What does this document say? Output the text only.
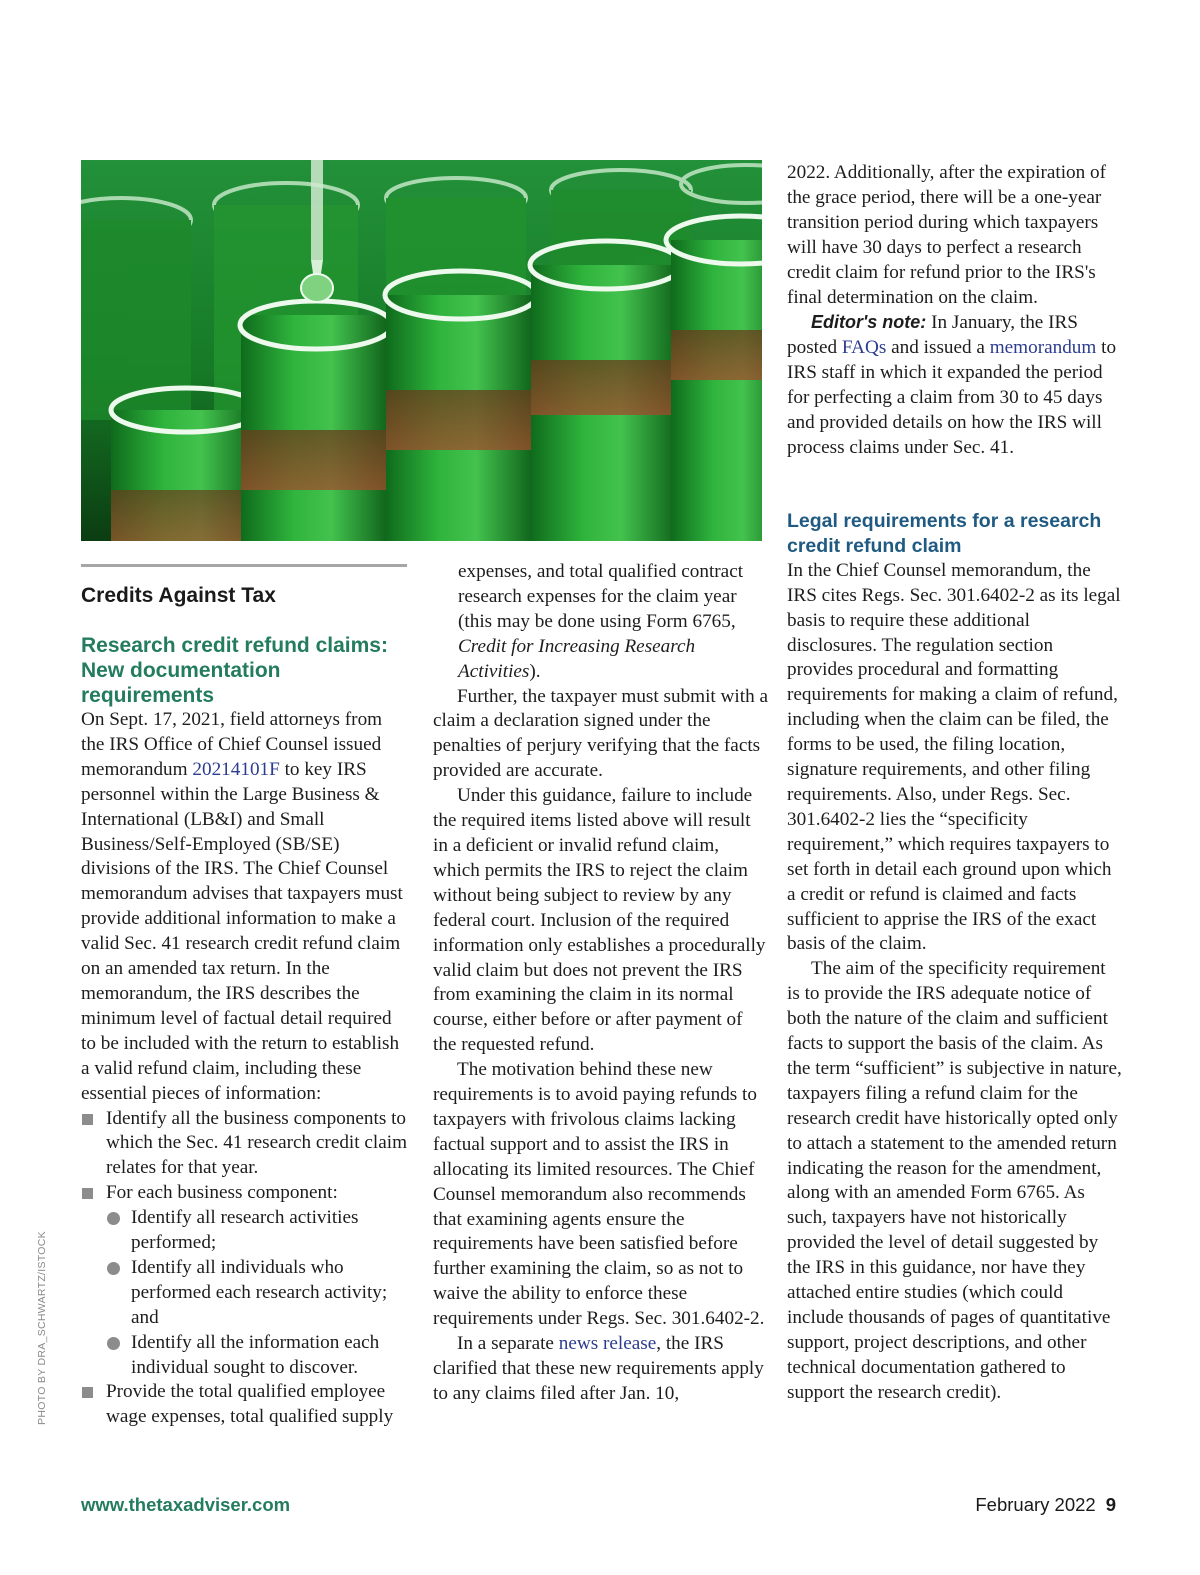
PHOTO BY DRA_SCHWARTZ/ISTOCK
Credits Against Tax
Research credit refund claims: New documentation requirements

On Sept. 17, 2021, field attorneys from the IRS Office of Chief Counsel issued memorandum 20214101F to key IRS personnel within the Large Business & International (LB&I) and Small Business/Self-Employed (SB/SE) divisions of the IRS. The Chief Counsel memorandum advises that taxpayers must provide additional information to make a valid Sec. 41 research credit refund claim on an amended tax return. In the memorandum, the IRS describes the minimum level of factual detail required to be included with the return to establish a valid refund claim, including these essential pieces of information:

Identify all the business components to which the Sec. 41 research credit claim relates for that year.
For each business component:
Identify all research activities performed;
Identify all individuals who performed each research activity; and
Identify all the information each individual sought to discover.
Provide the total qualified employee wage expenses, total qualified supply

expenses, and total qualified contract research expenses for the claim year (this may be done using Form 6765, Credit for Increasing Research Activities).

Further, the taxpayer must submit with a claim a declaration signed under the penalties of perjury verifying that the facts provided are accurate.

Under this guidance, failure to include the required items listed above will result in a deficient or invalid refund claim, which permits the IRS to reject the claim without being subject to review by any federal court. Inclusion of the required information only establishes a procedurally valid claim but does not prevent the IRS from examining the claim in its normal course, either before or after payment of the requested refund.

The motivation behind these new requirements is to avoid paying refunds to taxpayers with frivolous claims lacking factual support and to assist the IRS in allocating its limited resources. The Chief Counsel memorandum also recommends that examining agents ensure the requirements have been satisfied before further examining the claim, so as not to waive the ability to enforce these requirements under Regs. Sec. 301.6402-2.

In a separate news release, the IRS clarified that these new requirements apply to any claims filed after Jan. 10,

2022. Additionally, after the expiration of the grace period, there will be a one-year transition period during which taxpayers will have 30 days to perfect a research credit claim for refund prior to the IRS's final determination on the claim.

Editor's note: In January, the IRS posted FAQs and issued a memorandum to IRS staff in which it expanded the period for perfecting a claim from 30 to 45 days and provided details on how the IRS will process claims under Sec. 41.

Legal requirements for a research credit refund claim

In the Chief Counsel memorandum, the IRS cites Regs. Sec. 301.6402-2 as its legal basis to require these additional disclosures. The regulation section provides procedural and formatting requirements for making a claim of refund, including when the claim can be filed, the forms to be used, the filing location, signature requirements, and other filing requirements. Also, under Regs. Sec. 301.6402-2 lies the “specificity requirement,” which requires taxpayers to set forth in detail each ground upon which a credit or refund is claimed and facts sufficient to apprise the IRS of the exact basis of the claim.

The aim of the specificity requirement is to provide the IRS adequate notice of both the nature of the claim and sufficient facts to support the basis of the claim. As the term “sufficient” is subjective in nature, taxpayers filing a refund claim for the research credit have historically opted only to attach a statement to the amended return indicating the reason for the amendment, along with an amended Form 6765. As such, taxpayers have not historically provided the level of detail suggested by the IRS in this guidance, nor have they attached entire studies (which could include thousands of pages of quantitative support, project descriptions, and other technical documentation gathered to support the research credit).

www.thetaxadviser.com	February 2022 9
